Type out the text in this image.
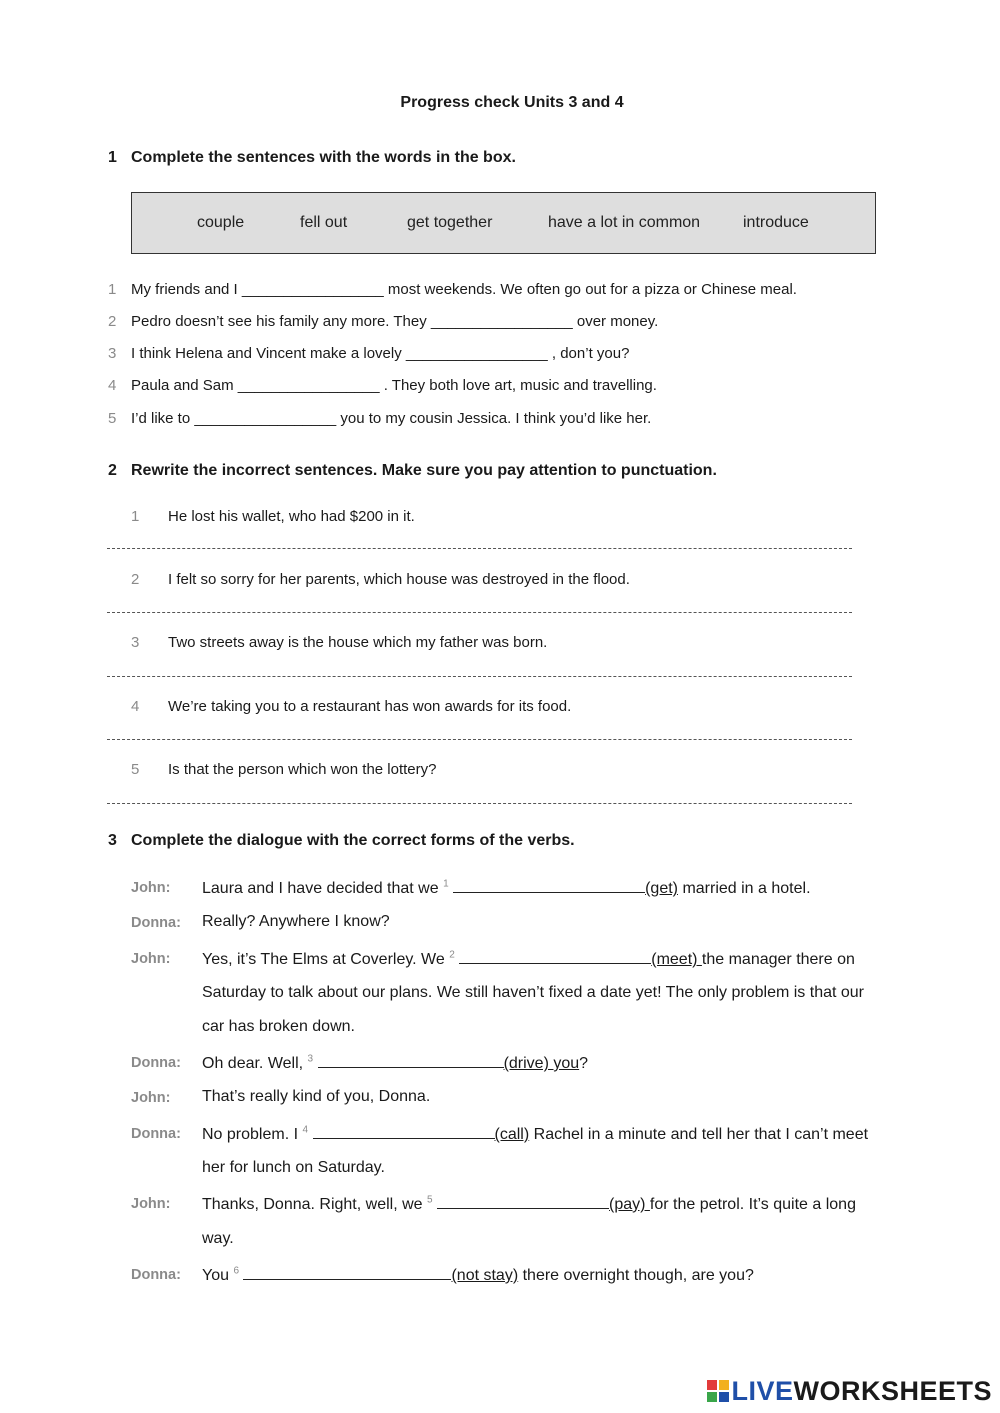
Progress check Units 3 and 4
1 Complete the sentences with the words in the box.
couple	fell out	get together	have a lot in common	introduce
1 My friends and I _________________ most weekends. We often go out for a pizza or Chinese meal.
2 Pedro doesn’t see his family any more. They _________________ over money.
3 I think Helena and Vincent make a lovely _________________ , don’t you?
4 Paula and Sam _________________ . They both love art, music and travelling.
5 I’d like to _________________ you to my cousin Jessica. I think you’d like her.
2 Rewrite the incorrect sentences. Make sure you pay attention to punctuation.
1 He lost his wallet, who had $200 in it.
2 I felt so sorry for her parents, which house was destroyed in the flood.
3 Two streets away is the house which my father was born.
4 We’re taking you to a restaurant has won awards for its food.
5 Is that the person which won the lottery?
3 Complete the dialogue with the correct forms of the verbs.
John: Laura and I have decided that we $^1$	(get) married in a hotel.
Donna: Really? Anywhere I know?
John: Yes, it’s The Elms at Coverley. We $^2$	(meet) the manager there on
Saturday to talk about our plans. We still haven’t fixed a date yet! The only problem is that our
car has broken down.
Donna: Oh dear. Well, $^3$	(drive) you?
John: That’s really kind of you, Donna.
Donna: No problem. I $^4$	(call) Rachel in a minute and tell her that I can’t meet
her for lunch on Saturday.
John: Thanks, Donna. Right, well, we $^5$	(pay) for the petrol. It’s quite a long
way.
Donna: You $^6$	(not stay) there overnight though, are you?
LIVEWORKSHEETS
